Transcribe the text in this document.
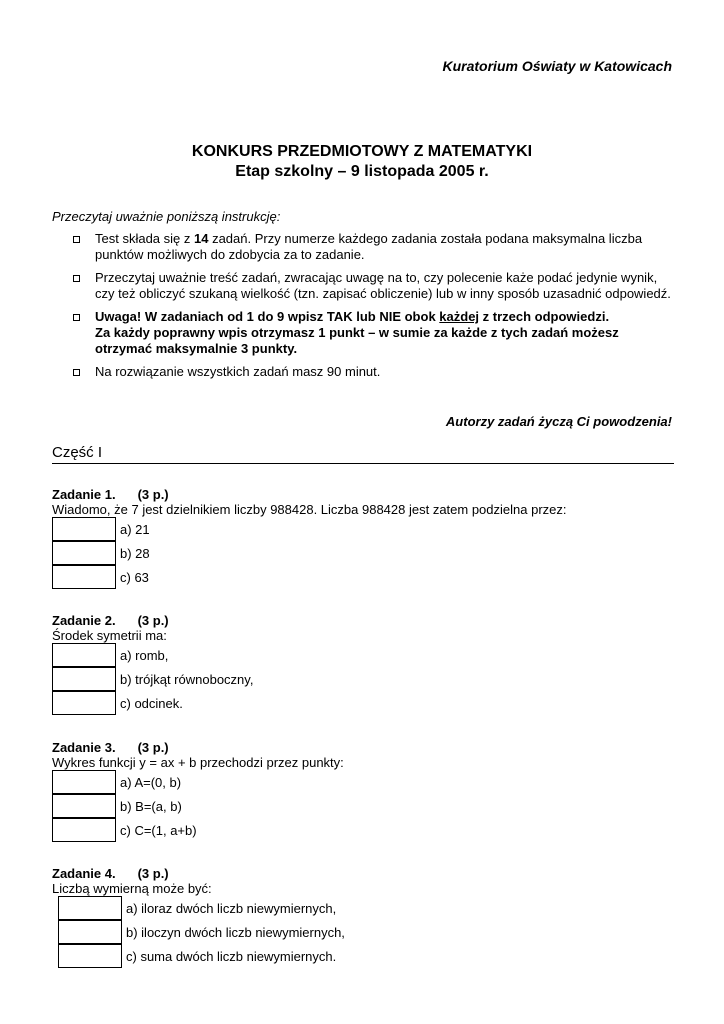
Kuratorium Oświaty w Katowicach
KONKURS PRZEDMIOTOWY Z MATEMATYKI
Etap szkolny – 9 listopada 2005 r.
Przeczytaj uważnie poniższą instrukcję:
Test składa się z 14 zadań. Przy numerze każdego zadania została podana maksymalna liczba punktów możliwych do zdobycia za to zadanie.
Przeczytaj uważnie treść zadań, zwracając uwagę na to, czy polecenie każe podać jedynie wynik, czy też obliczyć szukaną wielkość (tzn. zapisać obliczenie) lub w inny sposób uzasadnić odpowiedź.
Uwaga! W zadaniach od 1 do 9 wpisz TAK lub NIE obok każdej z trzech odpowiedzi.
Za każdy poprawny wpis otrzymasz 1 punkt – w sumie za każde z tych zadań możesz otrzymać maksymalnie 3 punkty.
Na rozwiązanie wszystkich zadań masz 90 minut.
Autorzy zadań życzą Ci powodzenia!
Część I
Zadanie 1. (3 p.)
Wiadomo, że 7 jest dzielnikiem liczby 988428. Liczba 988428 jest zatem podzielna przez:
a) 21
b) 28
c) 63
Zadanie 2. (3 p.)
Środek symetrii ma:
a) romb,
b) trójkąt równoboczny,
c) odcinek.
Zadanie 3. (3 p.)
Wykres funkcji y = ax + b przechodzi przez punkty:
a) A=(0, b)
b) B=(a, b)
c) C=(1, a+b)
Zadanie 4. (3 p.)
Liczbą wymierną może być:
a) iloraz dwóch liczb niewymiernych,
b) iloczyn dwóch liczb niewymiernych,
c) suma dwóch liczb niewymiernych.
